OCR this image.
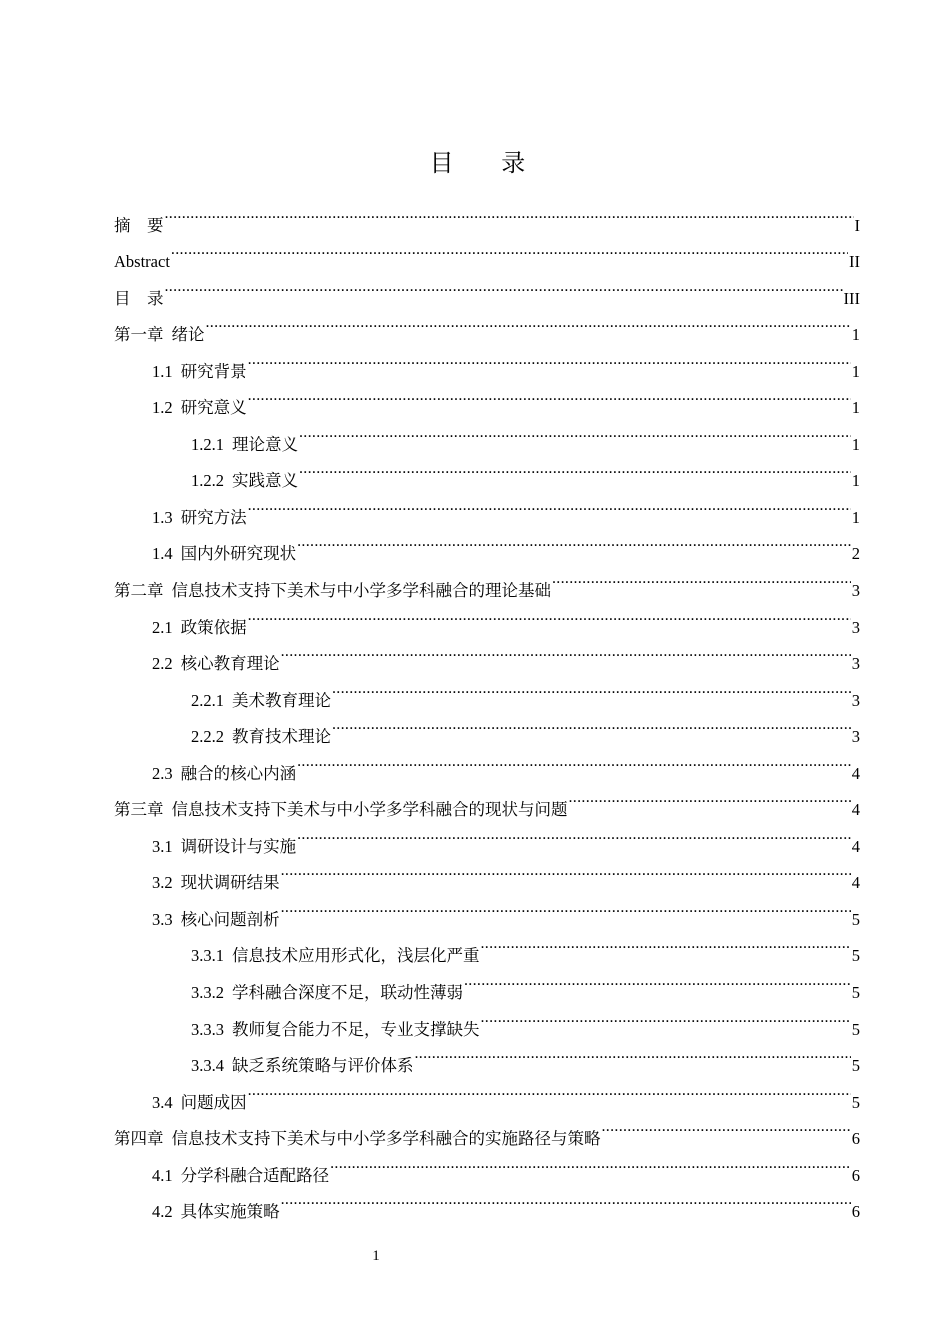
目 录
摘　要 .....	I
Abstract .....	II
目　录 .....	III
第一章 绪论 .....	1
1.1 研究背景 .....	1
1.2 研究意义 .....	1
1.2.1 理论意义 .....	1
1.2.2 实践意义 .....	1
1.3 研究方法 .....	1
1.4 国内外研究现状 .....	2
第二章 信息技术支持下美术与中小学多学科融合的理论基础 .....	3
2.1 政策依据 .....	3
2.2 核心教育理论 .....	3
2.2.1 美术教育理论 .....	3
2.2.2 教育技术理论 .....	3
2.3 融合的核心内涵 .....	4
第三章 信息技术支持下美术与中小学多学科融合的现状与问题 .....	4
3.1 调研设计与实施 .....	4
3.2 现状调研结果 .....	4
3.3 核心问题剖析 .....	5
3.3.1 信息技术应用形式化，浅层化严重 .....	5
3.3.2 学科融合深度不足，联动性薄弱 .....	5
3.3.3 教师复合能力不足，专业支撑缺失 .....	5
3.3.4 缺乏系统策略与评价体系 .....	5
3.4 问题成因 .....	5
第四章 信息技术支持下美术与中小学多学科融合的实施路径与策略 .....	6
4.1 分学科融合适配路径 .....	6
4.2 具体实施策略 .....	6
1
